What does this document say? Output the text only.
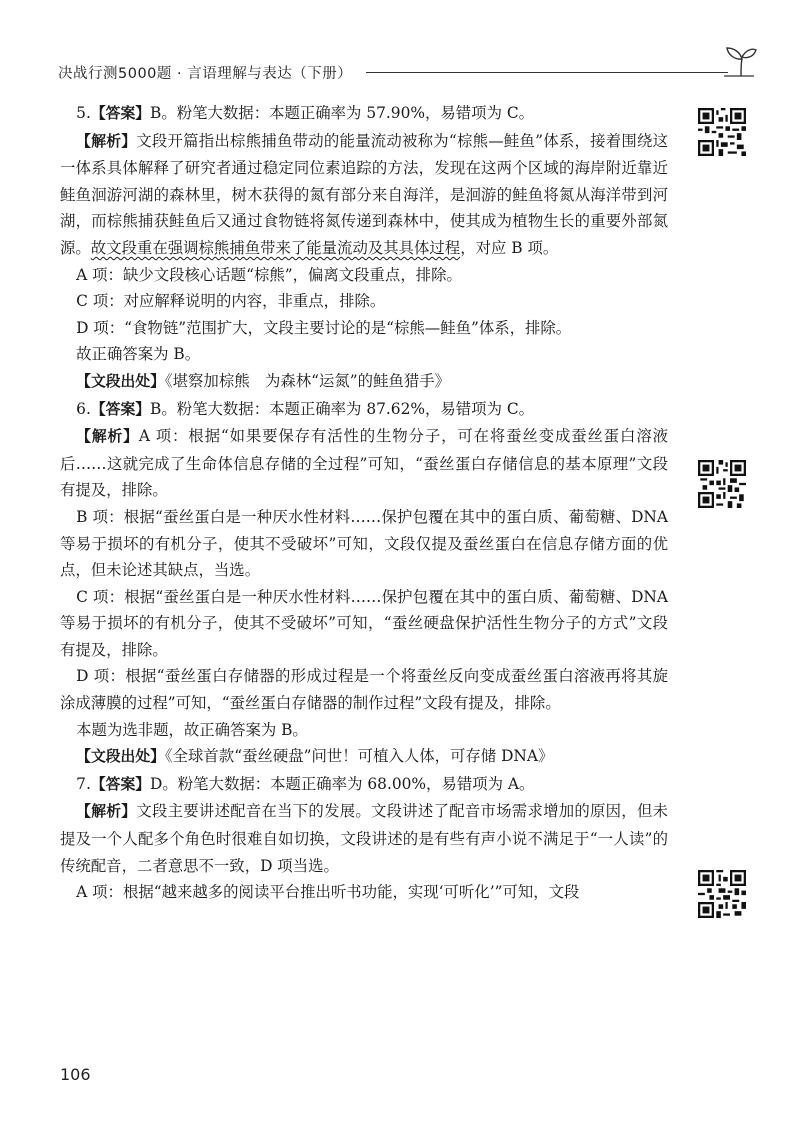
决战行测5000题 · 言语理解与表达（下册）

5.【答案】B。粉笔大数据：本题正确率为 57.90%，易错项为 C。

【解析】文段开篇指出棕熊捕鱼带动的能量流动被称为“棕熊—鲑鱼”体系，接着围绕这一体系具体解释了研究者通过稳定同位素追踪的方法，发现在这两个区域的海岸附近靠近鲑鱼洄游河湖的森林里，树木获得的氮有部分来自海洋，是洄游的鲑鱼将氮从海洋带到河湖，而棕熊捕获鲑鱼后又通过食物链将氮传递到森林中，使其成为植物生长的重要外部氮源。故文段重在强调棕熊捕鱼带来了能量流动及其具体过程，对应 B 项。

A 项：缺少文段核心话题“棕熊”，偏离文段重点，排除。

C 项：对应解释说明的内容，非重点，排除。

D 项：“食物链”范围扩大，文段主要讨论的是“棕熊—鲑鱼”体系，排除。

故正确答案为 B。

【文段出处】《堪察加棕熊　为森林“运氮”的鲑鱼猎手》

6.【答案】B。粉笔大数据：本题正确率为 87.62%，易错项为 C。

【解析】A 项：根据“如果要保存有活性的生物分子，可在将蚕丝变成蚕丝蛋白溶液后……这就完成了生命体信息存储的全过程”可知，“蚕丝蛋白存储信息的基本原理”文段有提及，排除。

B 项：根据“蚕丝蛋白是一种厌水性材料……保护包覆在其中的蛋白质、葡萄糖、DNA 等易于损坏的有机分子，使其不受破坏”可知，文段仅提及蚕丝蛋白在信息存储方面的优点，但未论述其缺点，当选。

C 项：根据“蚕丝蛋白是一种厌水性材料……保护包覆在其中的蛋白质、葡萄糖、DNA 等易于损坏的有机分子，使其不受破坏”可知，“蚕丝硬盘保护活性生物分子的方式”文段有提及，排除。

D 项：根据“蚕丝蛋白存储器的形成过程是一个将蚕丝反向变成蚕丝蛋白溶液再将其旋涂成薄膜的过程”可知，“蚕丝蛋白存储器的制作过程”文段有提及，排除。

本题为选非题，故正确答案为 B。

【文段出处】《全球首款“蚕丝硬盘”问世！可植入人体，可存储 DNA》

7.【答案】D。粉笔大数据：本题正确率为 68.00%，易错项为 A。

【解析】文段主要讲述配音在当下的发展。文段讲述了配音市场需求增加的原因，但未提及一个人配多个角色时很难自如切换，文段讲述的是有些有声小说不满足于“一人读”的传统配音，二者意思不一致，D 项当选。

A 项：根据“越来越多的阅读平台推出听书功能，实现‘可听化’”可知，文段

106
